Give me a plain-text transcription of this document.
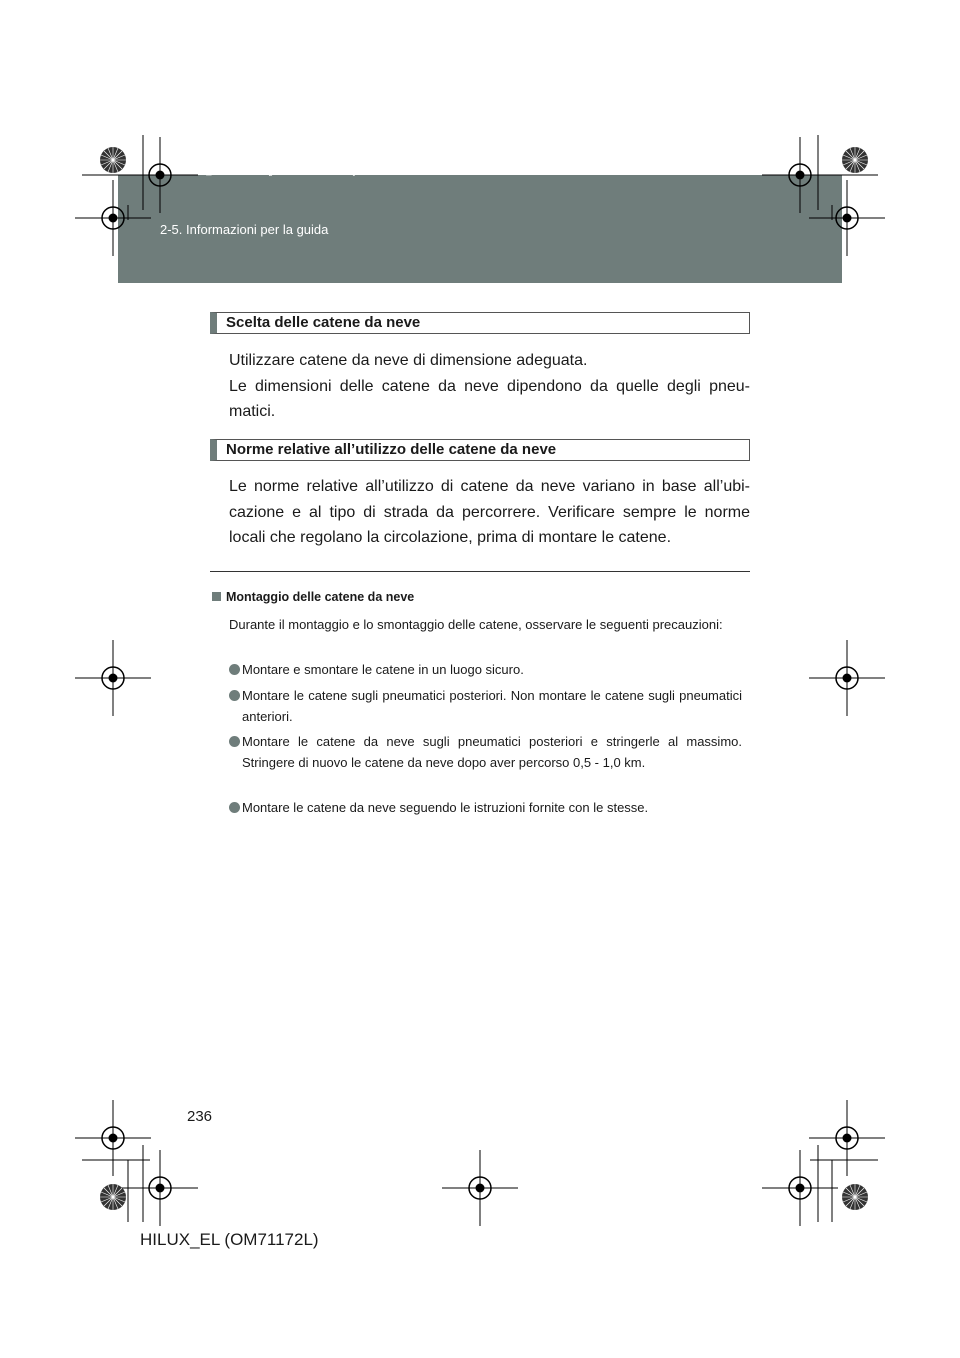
HILUX_EL.book Page 236 Wednesday, March 23, 2011 3:30 PM
2-5. Informazioni per la guida
Scelta delle catene da neve

Utilizzare catene da neve di dimensione adeguata.

Le dimensioni delle catene da neve dipendono da quelle degli pneu-matici.

Norme relative all’utilizzo delle catene da neve

Le norme relative all’utilizzo di catene da neve variano in base all’ubi-cazione e al tipo di strada da percorrere. Verificare sempre le norme locali che regolano la circolazione, prima di montare le catene.

Montaggio delle catene da neve
Durante il montaggio e lo smontaggio delle catene, osservare le seguenti precauzioni:
Montare e smontare le catene in un luogo sicuro.
Montare le catene sugli pneumatici posteriori. Non montare le catene sugli pneumatici anteriori.
Montare le catene da neve sugli pneumatici posteriori e stringerle al massimo. Stringere di nuovo le catene da neve dopo aver percorso 0,5 - 1,0 km.
Montare le catene da neve seguendo le istruzioni fornite con le stesse.
236
HILUX_EL (OM71172L)
